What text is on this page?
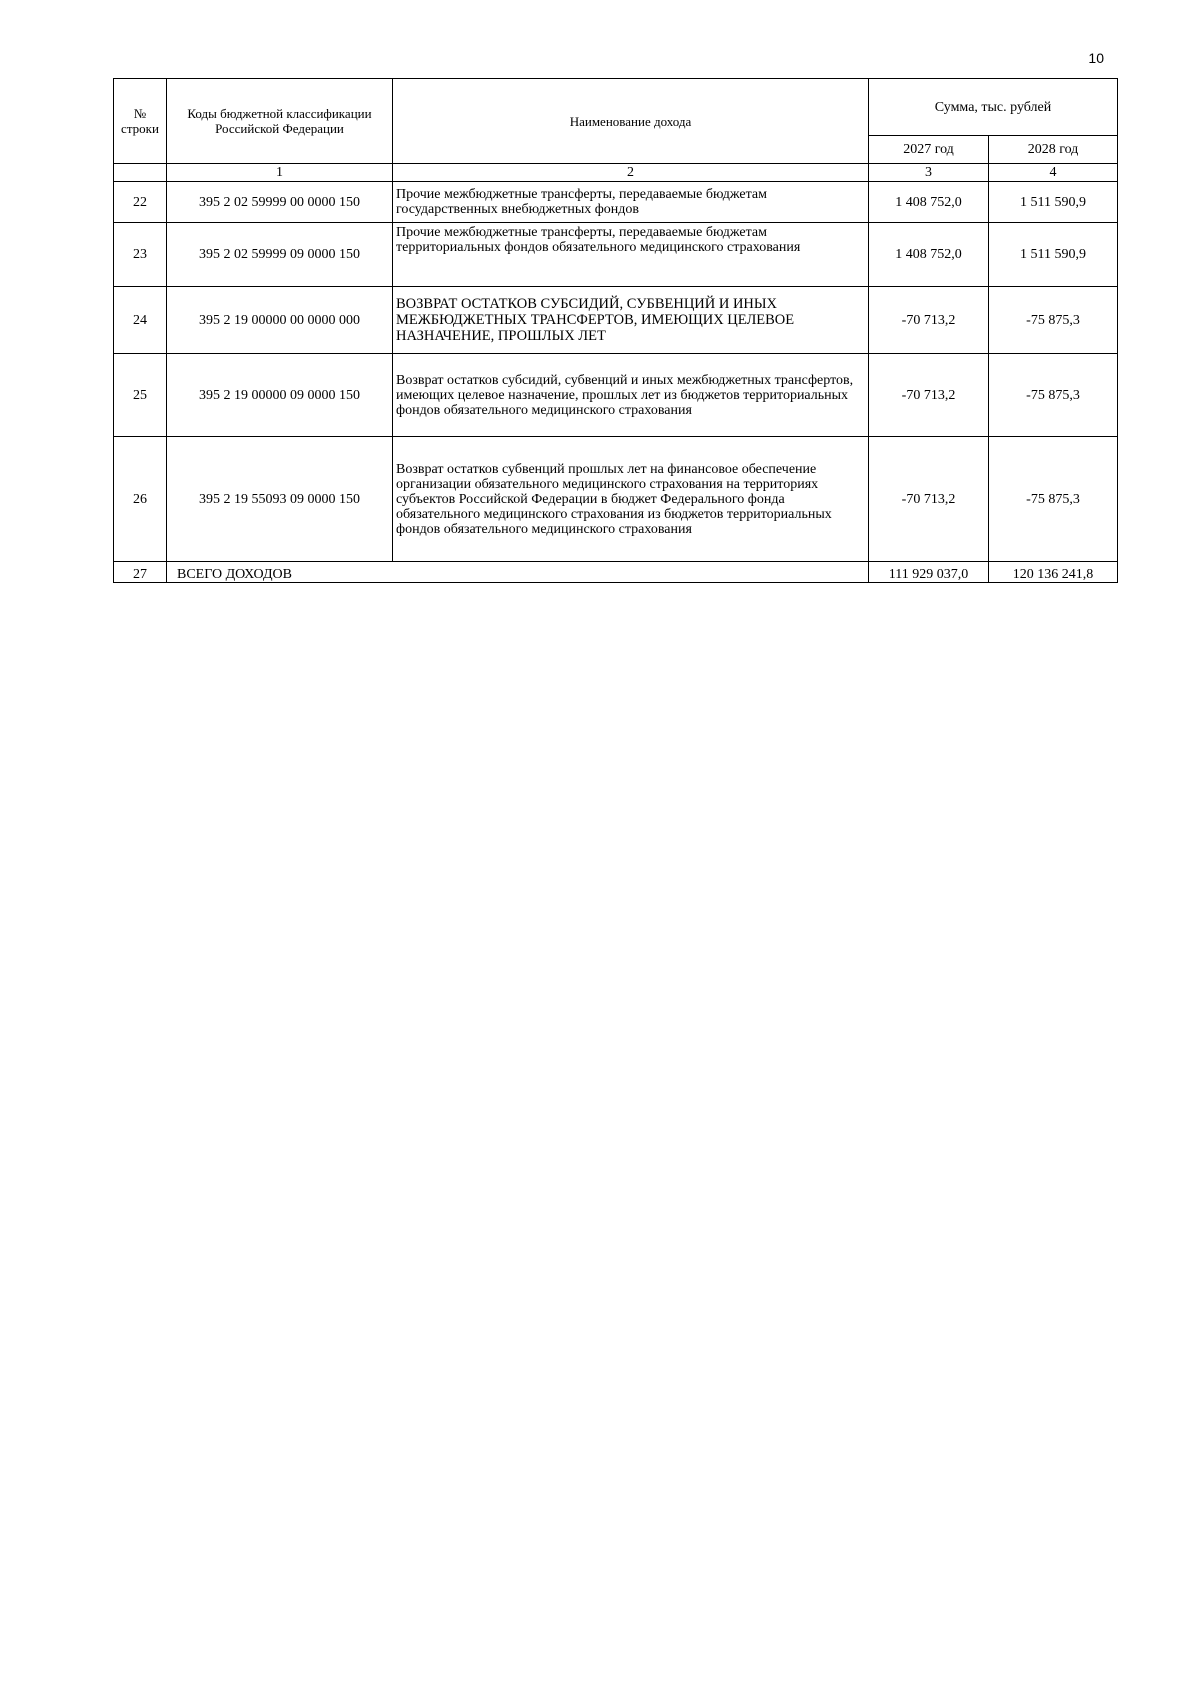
10
№ строки	Коды бюджетной классификации Российской Федерации	Наименование дохода	Сумма, тыс. рублей	
			2027 год	2028 год
	1	2	3	4
22	395 2 02 59999 00 0000 150	Прочие межбюджетные трансферты, передаваемые бюджетам государственных внебюджетных фондов	1 408 752,0	1 511 590,9
23	395 2 02 59999 09 0000 150	Прочие межбюджетные трансферты, передаваемые бюджетам территориальных фондов обязательного медицинского страхования	1 408 752,0	1 511 590,9
24	395 2 19 00000 00 0000 000	ВОЗВРАТ ОСТАТКОВ СУБСИДИЙ, СУБВЕНЦИЙ И ИНЫХ МЕЖБЮДЖЕТНЫХ ТРАНСФЕРТОВ, ИМЕЮЩИХ ЦЕЛЕВОЕ НАЗНАЧЕНИЕ, ПРОШЛЫХ ЛЕТ	-70 713,2	-75 875,3
25	395 2 19 00000 09 0000 150	Возврат остатков субсидий, субвенций и иных межбюджетных трансфертов, имеющих целевое назначение, прошлых лет из бюджетов территориальных фондов обязательного медицинского страхования	-70 713,2	-75 875,3
26	395 2 19 55093 09 0000 150	Возврат остатков субвенций прошлых лет на финансовое обеспечение организации обязательного медицинского страхования на территориях субъектов Российской Федерации в бюджет Федерального фонда обязательного медицинского страхования из бюджетов территориальных фондов обязательного медицинского страхования	-70 713,2	-75 875,3
27	ВСЕГО ДОХОДОВ		111 929 037,0	120 136 241,8
